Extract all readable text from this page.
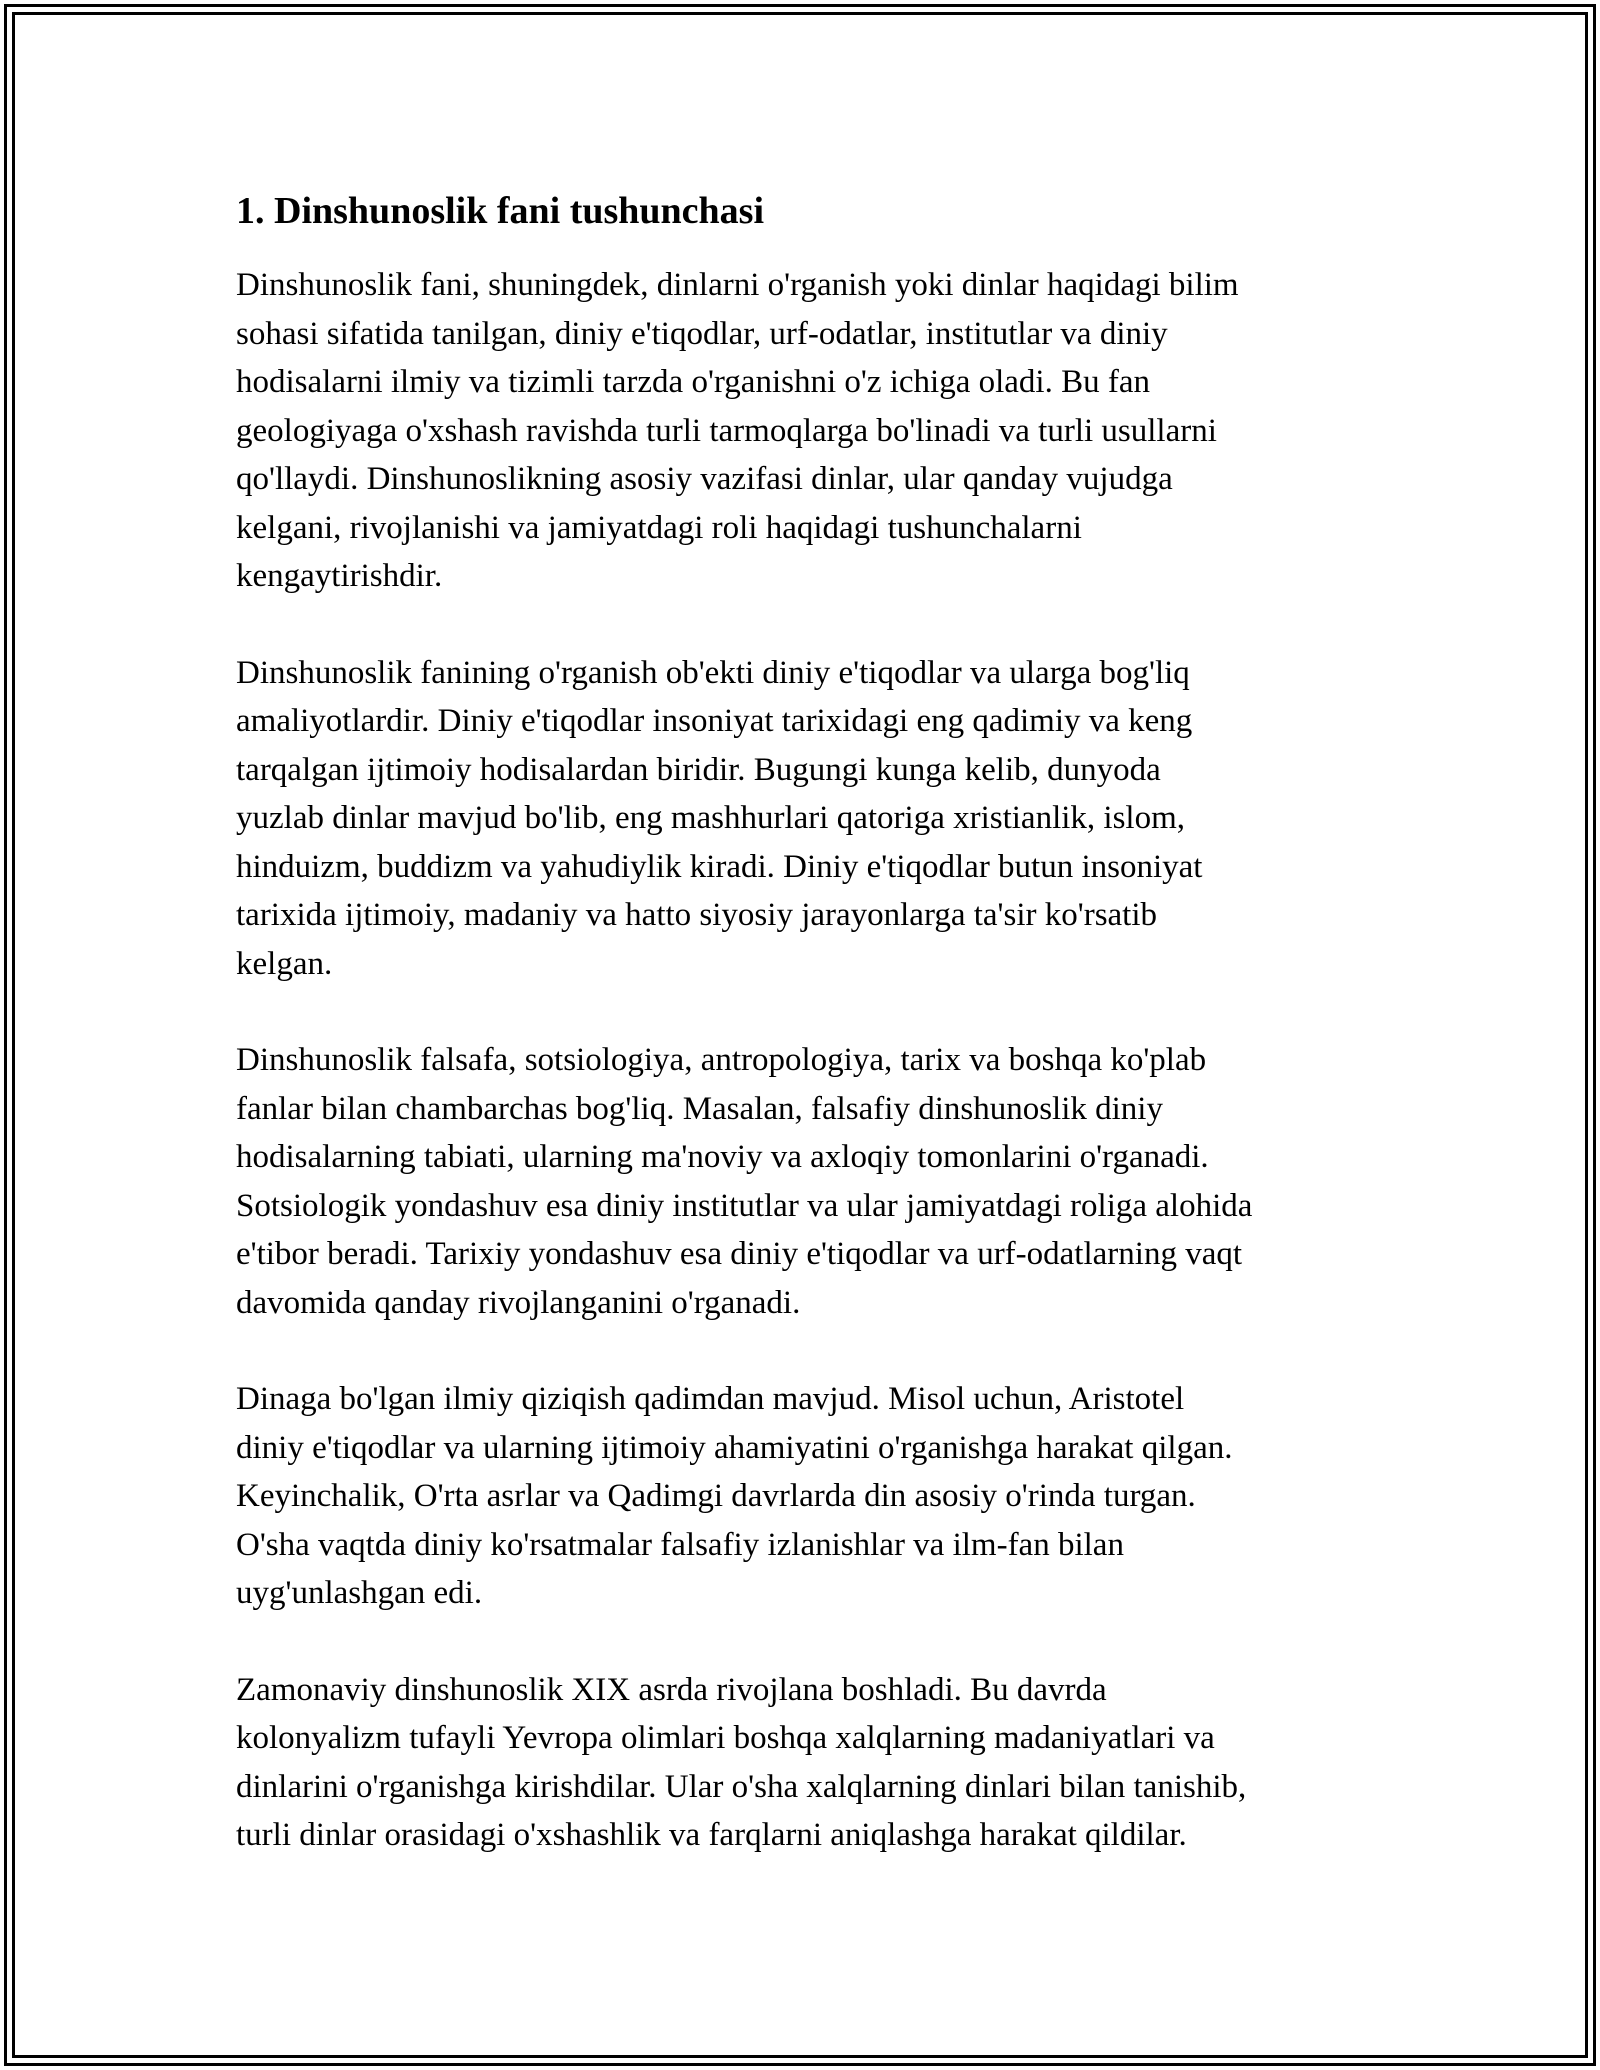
1. Dinshunoslik fani tushunchasi

Dinshunoslik fani, shuningdek, dinlarni o'rganish yoki dinlar haqidagi bilim
sohasi sifatida tanilgan, diniy e'tiqodlar, urf-odatlar, institutlar va diniy
hodisalarni ilmiy va tizimli tarzda o'rganishni o'z ichiga oladi. Bu fan
geologiyaga o'xshash ravishda turli tarmoqlarga bo'linadi va turli usullarni
qo'llaydi. Dinshunoslikning asosiy vazifasi dinlar, ular qanday vujudga
kelgani, rivojlanishi va jamiyatdagi roli haqidagi tushunchalarni
kengaytirishdir.

Dinshunoslik fanining o'rganish ob'ekti diniy e'tiqodlar va ularga bog'liq
amaliyotlardir. Diniy e'tiqodlar insoniyat tarixidagi eng qadimiy va keng
tarqalgan ijtimoiy hodisalardan biridir. Bugungi kunga kelib, dunyoda
yuzlab dinlar mavjud bo'lib, eng mashhurlari qatoriga xristianlik, islom,
hinduizm, buddizm va yahudiylik kiradi. Diniy e'tiqodlar butun insoniyat
tarixida ijtimoiy, madaniy va hatto siyosiy jarayonlarga ta'sir ko'rsatib
kelgan.

Dinshunoslik falsafa, sotsiologiya, antropologiya, tarix va boshqa ko'plab
fanlar bilan chambarchas bog'liq. Masalan, falsafiy dinshunoslik diniy
hodisalarning tabiati, ularning ma'noviy va axloqiy tomonlarini o'rganadi.
Sotsiologik yondashuv esa diniy institutlar va ular jamiyatdagi roliga alohida
e'tibor beradi. Tarixiy yondashuv esa diniy e'tiqodlar va urf-odatlarning vaqt
davomida qanday rivojlanganini o'rganadi.

Dinaga bo'lgan ilmiy qiziqish qadimdan mavjud. Misol uchun, Aristotel
diniy e'tiqodlar va ularning ijtimoiy ahamiyatini o'rganishga harakat qilgan.
Keyinchalik, O'rta asrlar va Qadimgi davrlarda din asosiy o'rinda turgan.
O'sha vaqtda diniy ko'rsatmalar falsafiy izlanishlar va ilm-fan bilan
uyg'unlashgan edi.

Zamonaviy dinshunoslik XIX asrda rivojlana boshladi. Bu davrda
kolonyalizm tufayli Yevropa olimlari boshqa xalqlarning madaniyatlari va
dinlarini o'rganishga kirishdilar. Ular o'sha xalqlarning dinlari bilan tanishib,
turli dinlar orasidagi o'xshashlik va farqlarni aniqlashga harakat qildilar.
